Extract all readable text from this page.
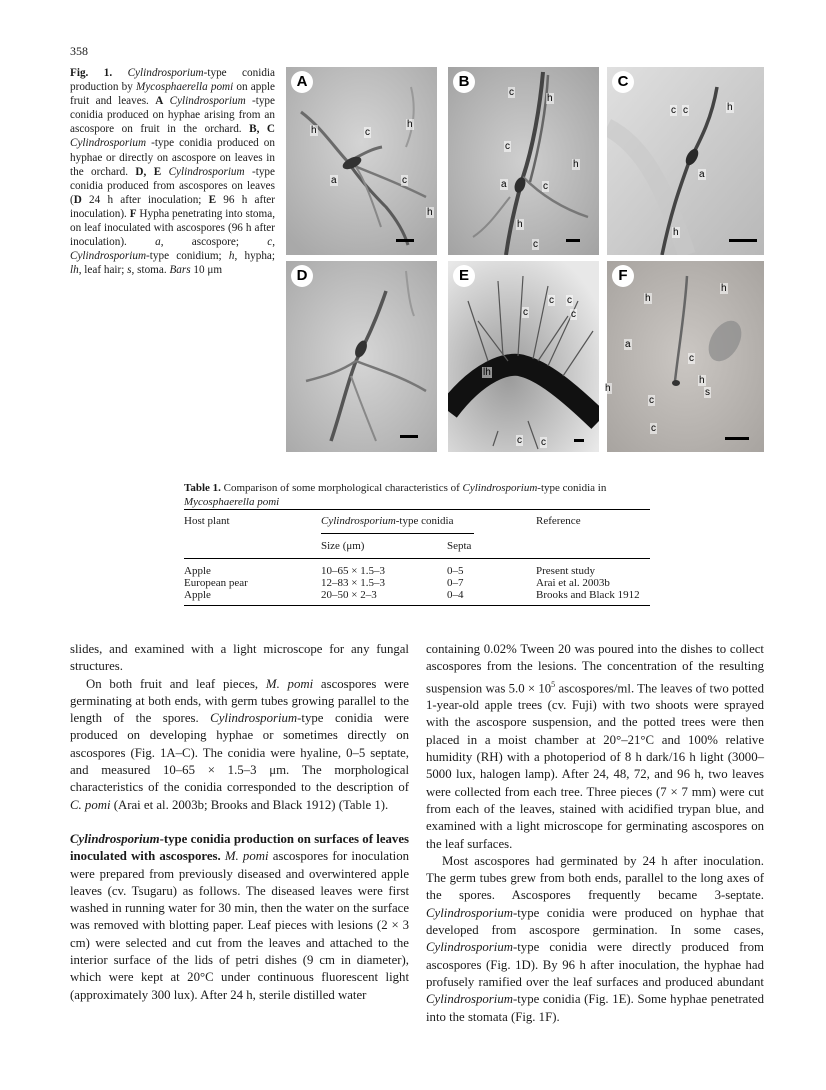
358
Fig. 1. Cylindrosporium-type conidia production by Mycosphaerella pomi on apple fruit and leaves. A Cylindrosporium -type conidia produced on hyphae arising from an ascospore on fruit in the orchard. B, C Cylindrosporium -type conidia produced on hyphae or directly on ascospore on leaves in the orchard. D, E Cylindrosporium -type conidia produced from ascospores on leaves (D 24 h after inoculation; E 96 h after inoculation). F Hypha penetrating into stoma, on leaf inoculated with ascospores (96 h after inoculation). a, ascospore; c, Cylindrosporium-type conidium; h, hypha; lh, leaf hair; s, stoma. Bars 10 μm
A	B	C
D	E	F
h	c
h
a	c
h
c
h
c
h
a	c
h
c
c c	h
a
h
h
a
c
h
h
c
c
c
c c
c
lh
c c
h
s
Table 1. Comparison of some morphological characteristics of Cylindrosporium-type conidia in
Mycosphaerella pomi
Host plant	Cylindrosporium-type conidia	Reference
Size (μm)	Septa
Apple	10–65 × 1.5–3	0–5	Present study
European pear	12–83 × 1.5–3	0–7	Arai et al. 2003b
Apple	20–50 × 2–3	0–4	Brooks and Black 1912

slides, and examined with a light microscope for any fungal structures.

On both fruit and leaf pieces, M. pomi ascospores were germinating at both ends, with germ tubes growing parallel to the length of the spores. Cylindrosporium-type conidia were produced on developing hyphae or sometimes directly on ascospores (Fig. 1A–C). The conidia were hyaline, 0–5 septate, and measured 10–65 × 1.5–3 μm. The morphological characteristics of the conidia corresponded to the description of C. pomi (Arai et al. 2003b; Brooks and Black 1912) (Table 1).

Cylindrosporium-type conidia production on surfaces of leaves inoculated with ascospores. M. pomi ascospores for inoculation were prepared from previously diseased and overwintered apple leaves (cv. Tsugaru) as follows. The diseased leaves were first washed in running water for 30 min, then the water on the surface was removed with blotting paper. Leaf pieces with lesions (2 × 3 cm) were selected and cut from the leaves and attached to the interior surface of the lids of petri dishes (9 cm in diameter), which were kept at 20°C under continuous fluorescent light (approximately 300 lux). After 24 h, sterile distilled water

containing 0.02% Tween 20 was poured into the dishes to collect ascospores from the lesions. The concentration of the resulting suspension was $5.0 \times 10^5$ ascospores/ml. The leaves of two potted 1-year-old apple trees (cv. Fuji) with two shoots were sprayed with the ascospore suspension, and the potted trees were then placed in a moist chamber at 20°–21°C and 100% relative humidity (RH) with a photoperiod of 8 h dark/16 h light (3000–5000 lux, halogen lamp). After 24, 48, 72, and 96 h, two leaves were collected from each tree. Three pieces (7 × 7 mm) were cut from each of the leaves, stained with acidified trypan blue, and examined with a light microscope for germinating ascospores on the leaf surfaces.

Most ascospores had germinated by 24 h after inoculation. The germ tubes grew from both ends, parallel to the long axes of the spores. Ascospores frequently became 3-septate. Cylindrosporium-type conidia were produced on hyphae that developed from ascospore germination. In some cases, Cylindrosporium-type conidia were directly produced from ascospores (Fig. 1D). By 96 h after inoculation, the hyphae had profusely ramified over the leaf surfaces and produced abundant Cylindrosporium-type conidia (Fig. 1E). Some hyphae penetrated into the stomata (Fig. 1F).
